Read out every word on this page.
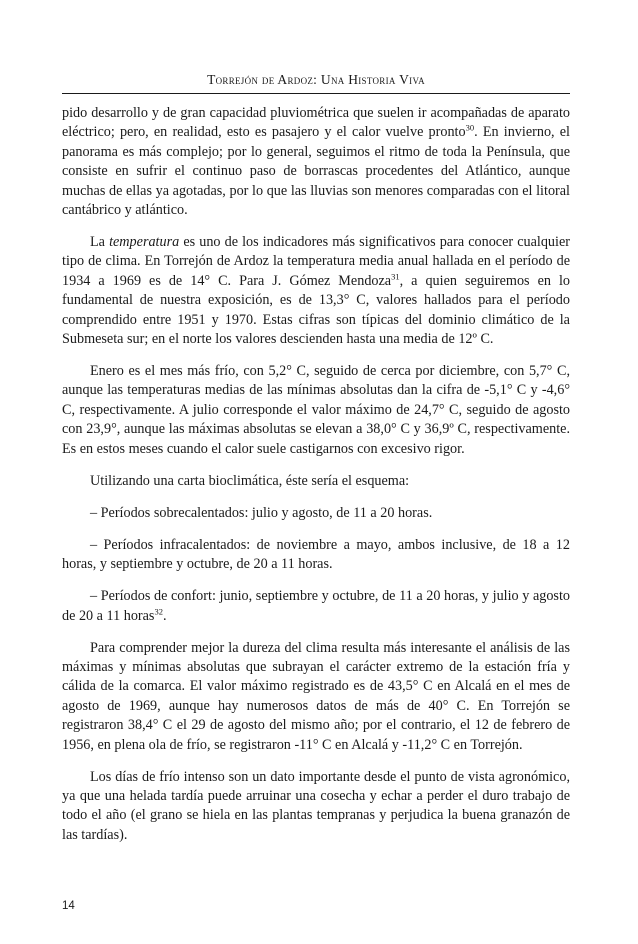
Torrejón de Ardoz: Una Historia Viva

pido desarrollo y de gran capacidad pluviométrica que suelen ir acompañadas de aparato eléctrico; pero, en realidad, esto es pasajero y el calor vuelve pronto$^{30}$. En invierno, el panorama es más complejo; por lo general, seguimos el ritmo de toda la Península, que consiste en sufrir el continuo paso de borrascas procedentes del Atlántico, aunque muchas de ellas ya agotadas, por lo que las lluvias son menores comparadas con el litoral cantábrico y atlántico.

La temperatura es uno de los indicadores más significativos para conocer cualquier tipo de clima. En Torrejón de Ardoz la temperatura media anual hallada en el período de 1934 a 1969 es de 14° C. Para J. Gómez Mendoza$^{31}$, a quien seguiremos en lo fundamental de nuestra exposición, es de 13,3° C, valores hallados para el período comprendido entre 1951 y 1970. Estas cifras son típicas del dominio climático de la Submeseta sur; en el norte los valores descienden hasta una media de 12º C.

Enero es el mes más frío, con 5,2° C, seguido de cerca por diciembre, con 5,7° C, aunque las temperaturas medias de las mínimas absolutas dan la cifra de -5,1° C y -4,6° C, respectivamente. A julio corresponde el valor máximo de 24,7° C, seguido de agosto con 23,9°, aunque las máximas absolutas se elevan a 38,0° C y 36,9º C, respectivamente. Es en estos meses cuando el calor suele castigarnos con excesivo rigor.

Utilizando una carta bioclimática, éste sería el esquema:

– Períodos sobrecalentados: julio y agosto, de 11 a 20 horas.

– Períodos infracalentados: de noviembre a mayo, ambos inclusive, de 18 a 12 horas, y septiembre y octubre, de 20 a 11 horas.

– Períodos de confort: junio, septiembre y octubre, de 11 a 20 horas, y julio y agosto de 20 a 11 horas$^{32}$.

Para comprender mejor la dureza del clima resulta más interesante el análisis de las máximas y mínimas absolutas que subrayan el carácter extremo de la estación fría y cálida de la comarca. El valor máximo registrado es de 43,5° C en Alcalá en el mes de agosto de 1969, aunque hay numerosos datos de más de 40° C. En Torrejón se registraron 38,4° C el 29 de agosto del mismo año; por el contrario, el 12 de febrero de 1956, en plena ola de frío, se registraron -11° C en Alcalá y -11,2° C en Torrejón.

Los días de frío intenso son un dato importante desde el punto de vista agronómico, ya que una helada tardía puede arruinar una cosecha y echar a perder el duro trabajo de todo el año (el grano se hiela en las plantas tempranas y perjudica la buena granazón de las tardías).

14
